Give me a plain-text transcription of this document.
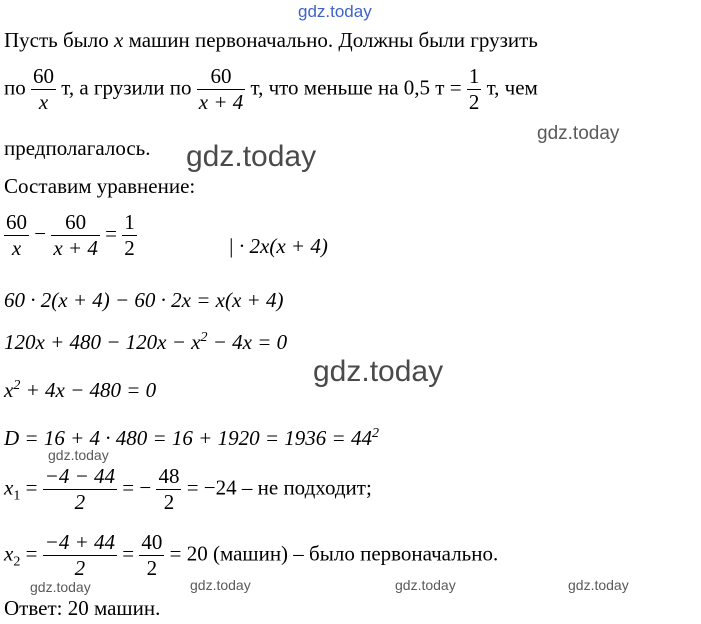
gdz.today
gdz.today
gdz.today
gdz.today
gdz.today
gdz.today	gdz.today	gdz.today	gdz.today
Пусть было x машин первоначально. Должны были грузить
по $\frac{60}{x} т$, а грузили по $\frac{60}{x + 4} т$, что меньше на 0,5 $т = \frac{1}{2} т$, чем
предполагалось.
Составим уравнение:
$\frac{60}{x} - \frac{60}{x + 4} = \frac{1}{2}$	| · 2x(x + 4)
60 · 2(x + 4) − 60 · 2x = x(x + 4)
$120x + 480 - 120x - x^2 - 4x = 0$
$x^2 + 4x - 480 = 0$
$D = 16 + 4 \cdot 480 = 16 + 1920 = 1936 = 44^2$
$x_1 = \frac{-4 - 44}{2}$ = − $\frac{48}{2} = -24$ – не подходит;
$x_2 = \frac{-4 + 44}{2} = \frac{40}{2} = 20$ (машин) – было первоначально.
Ответ: 20 машин.
